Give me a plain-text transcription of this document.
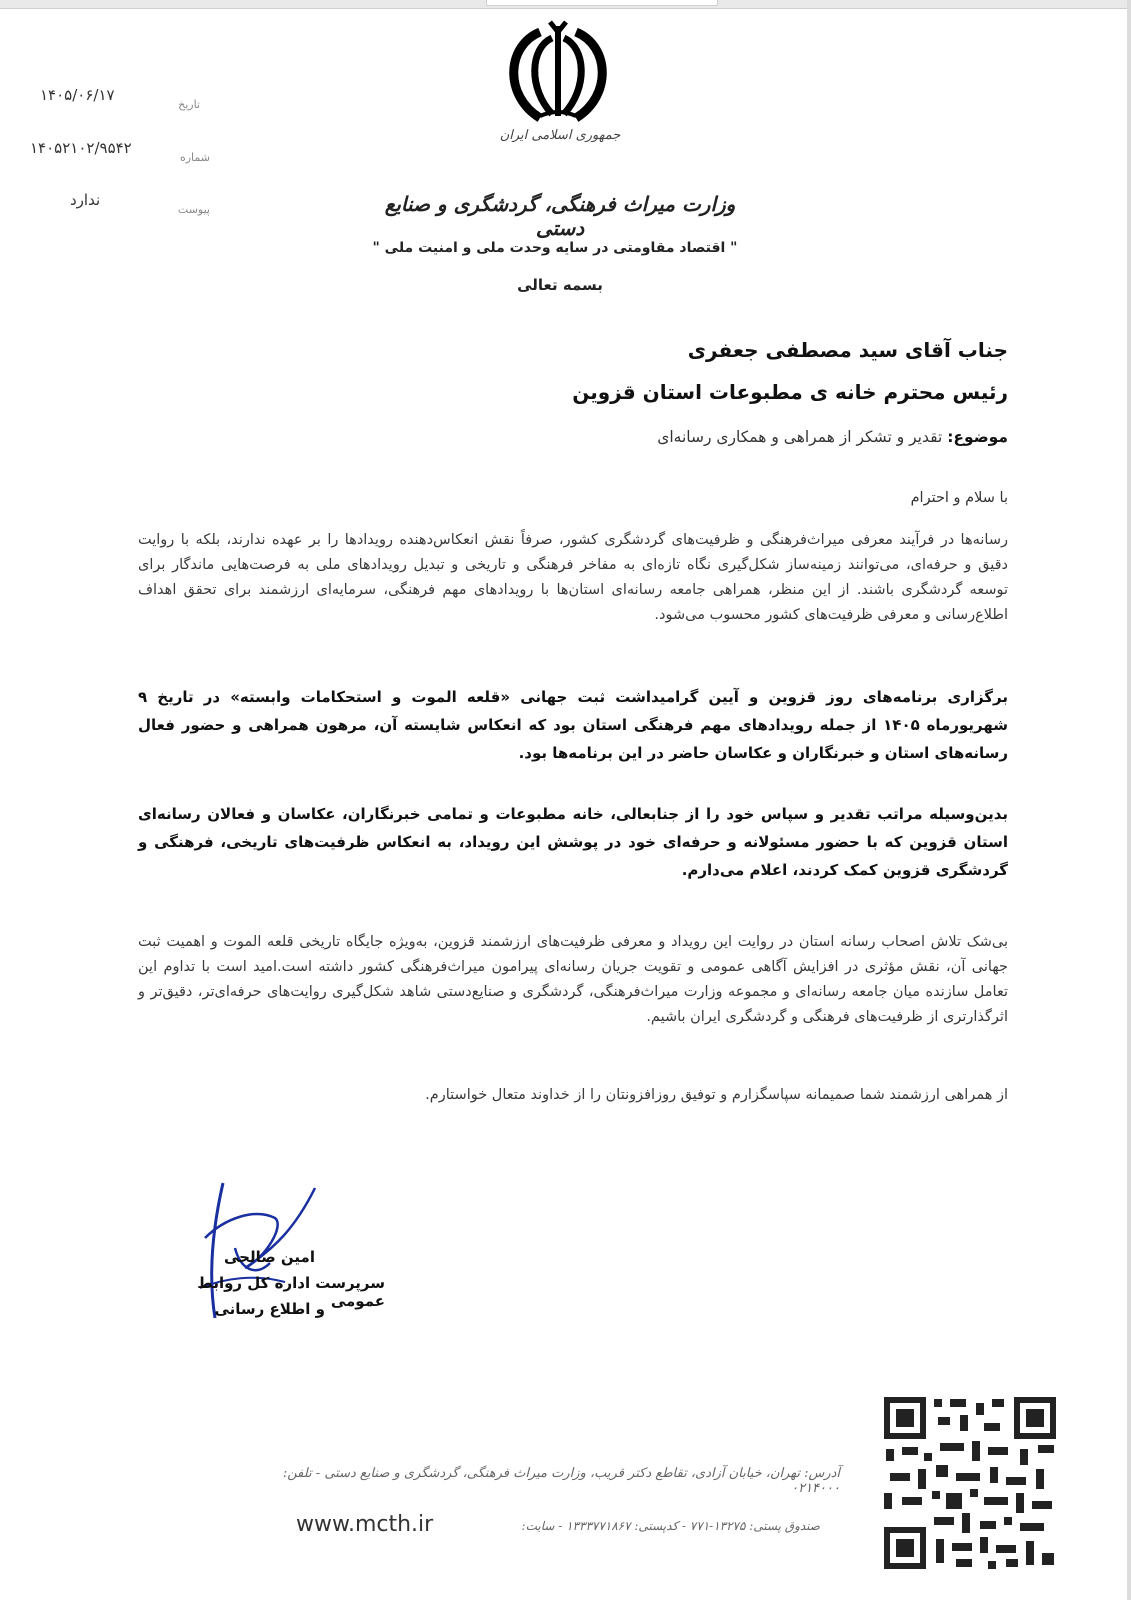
جمهوری اسلامی ایران
وزارت میراث فرهنگی، گردشگری و صنایع دستی
" اقتصاد مقاومتی در سایه وحدت ملی و امنیت ملی "
بسمه تعالی
تاریخ
۱۴۰۵/۰۶/۱۷
شماره
۱۴۰۵۲۱۰۲/۹۵۴۲
پیوست
ندارد
جناب آقای سید مصطفی جعفری
رئیس محترم خانه ی مطبوعات استان قزوین
موضوع: تقدیر و تشکر از همراهی و همکاری رسانه‌ای
با سلام و احترام
رسانه‌ها در فرآیند معرفی میراث‌فرهنگی و ظرفیت‌های گردشگری کشور، صرفاً نقش انعکاس‌دهنده رویدادها را بر عهده ندارند، بلکه با روایت دقیق و حرفه‌ای، می‌توانند زمینه‌ساز شکل‌گیری نگاه تازه‌ای به مفاخر فرهنگی و تاریخی و تبدیل رویدادهای ملی به فرصت‌هایی ماندگار برای توسعه گردشگری باشند. از این منظر، همراهی جامعه رسانه‌ای استان‌ها با رویدادهای مهم فرهنگی، سرمایه‌ای ارزشمند برای تحقق اهداف اطلاع‌رسانی و معرفی ظرفیت‌های کشور محسوب می‌شود.
برگزاری برنامه‌های روز قزوین و آیین گرامیداشت ثبت جهانی «قلعه الموت و استحکامات وابسته» در تاریخ ۹ شهریورماه ۱۴۰۵ از جمله رویدادهای مهم فرهنگی استان بود که انعکاس شایسته آن، مرهون همراهی و حضور فعال رسانه‌های استان و خبرنگاران و عکاسان حاضر در این برنامه‌ها بود.
بدین‌وسیله مراتب تقدیر و سپاس خود را از جنابعالی، خانه مطبوعات و تمامی خبرنگاران، عکاسان و فعالان رسانه‌ای استان قزوین که با حضور مسئولانه و حرفه‌ای خود در پوشش این رویداد، به انعکاس ظرفیت‌های تاریخی، فرهنگی و گردشگری قزوین کمک کردند، اعلام می‌دارم.
بی‌شک تلاش اصحاب رسانه استان در روایت این رویداد و معرفی ظرفیت‌های ارزشمند قزوین، به‌ویژه جایگاه تاریخی قلعه الموت و اهمیت ثبت جهانی آن، نقش مؤثری در افزایش آگاهی عمومی و تقویت جریان رسانه‌ای پیرامون میراث‌فرهنگی کشور داشته است.امید است با تداوم این تعامل سازنده میان جامعه رسانه‌ای و مجموعه وزارت میراث‌فرهنگی، گردشگری و صنایع‌دستی شاهد شکل‌گیری روایت‌های حرفه‌ای‌تر، دقیق‌تر و اثرگذارتری از ظرفیت‌های فرهنگی و گردشگری ایران باشیم.
از همراهی ارزشمند شما صمیمانه سپاسگزارم و توفیق روزافزونتان را از خداوند متعال خواستارم.
امین صالحی
سرپرست اداره کل روابط عمومی
و اطلاع رسانی
آدرس: تهران، خیابان آزادی، تقاطع دکتر قریب، وزارت میراث فرهنگی، گردشگری و صنایع دستی - تلفن: ۰۲۱۴۰۰۰
صندوق پستی: ۱۳۲۷۵-۷۷۱ - کدپستی: ۱۳۳۳۷۷۱۸۶۷ - سایت:
www.mcth.ir
